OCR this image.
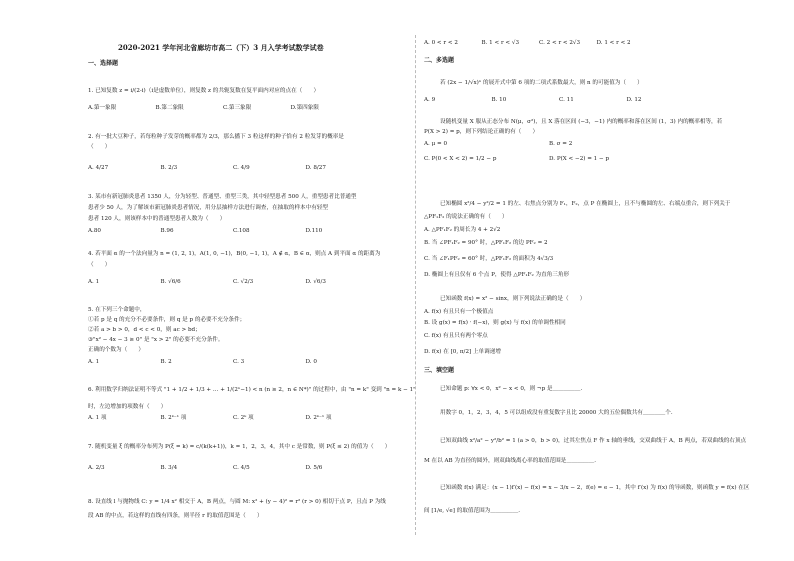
2020-2021 学年河北省廊坊市高二（下）3 月入学考试数学试卷
一、选择题
1. 已知复数 z = i/(2-i)（i是虚数单位），则复数 z 的共轭复数在复平面内对应的点在（　　）
A.第一象限	B.第二象限	C.第三象限	D.第四象限
2. 有一批大豆种子，若每粒种子发芽的概率都为 2/3，那么播下 3 粒这样的种子恰有 2 粒发芽的概率是
（　　）
A. 4/27	B. 2/3	C. 4/9	D. 8/27
3. 某市有新冠肺炎患者 1350 人，分为轻型、普通型、重型三类，其中轻型患者 500 人，重型患者比普通型
患者少 50 人，为了解该市新冠肺炎患者情况，用分层抽样方法进行调查，在抽取的样本中有轻型
患者 120 人，则该样本中的普通型患者人数为（　　）
A.80	B.96	C.108	D.110
4. 若平面 α 的一个法向量为 n = (1, 2, 1)，A(1, 0, −1)，B(0, −1, 1)，A ∉ α，B ∈ α，则点 A 到平面 α 的距离为
（　　）
A. 1	B. √6/6	C. √2/3	D. √6/3
5. 在下列三个命题中，
①若 p 是 q 的充分不必要条件，则 q 是 p 的必要不充分条件；
②若 a > b > 0，d < c < 0，则 ac > bd；
③"x² − 4x − 3 ≥ 0" 是 "x > 2" 的必要不充分条件。
正确的个数为（　　）
A. 1	B. 2	C. 3	D. 0
6. 利用数学归纳法证明不等式 "1 + 1/2 + 1/3 + … + 1/(2ⁿ−1) < n (n ≥ 2，n ∈ N*)" 的过程中，由 "n = k" 变到 "n = k − 1"
时，左边增加的项数有（　　）
A. 1 项	B. 2ᵏ⁻¹ 项	C. 2ᵏ 项	D. 2ᵏ⁻¹ 项
7. 随机变量 ξ 的概率分布列为 P(ξ = k) = c/(k(k+1))，k = 1，2，3，4，其中 c 是常数，则 P(ξ ≤ 2) 的值为（　　）
A. 2/3	B. 3/4	C. 4/5	D. 5/6
8. 设直线 l 与抛物线 C: y = 1/4 x² 相交于 A，B 两点，与圆 M: x² + (y − 4)² = r² (r > 0) 相切于点 P，且点 P 为线
段 AB 的中点，若这样的直线有四条，则半径 r 的取值范围是（　　）
A. 0 < r < 2	B. 1 < r < √3	C. 2 < r < 2√3	D. 1 < r < 2
二、多选题
若 (2x − 1/√x)ⁿ 的展开式中第 6 项的二项式系数最大，则 n 的可能值为（　　）
A. 9	B. 10	C. 11	D. 12
设随机变量 X 服从正态分布 N(μ，σ²)，且 X 落在区间 (−3，−1) 内的概率和落在区间 (1，3) 内的概率相等，若
P(X > 2) = p，则下列结论正确的有（　　）
A. μ = 0	B. σ = 2
C. P(0 < X < 2) = 1/2 − p	D. P(X < −2) = 1 − p
已知椭圆 x²/4 − y²/2 = 1 的左、右焦点分别为 F₁，F₂，点 P 在椭圆上，且不与椭圆的左、右端点重合，则下列关于
△PF₁F₂ 的说法正确的有（　　）
A. △PF₁F₂ 的周长为 4 + 2√2
B. 当 ∠PF₁F₂ = 90° 时，△PF₁F₂ 的边 PF₂ = 2
C. 当 ∠F₁PF₂ = 60° 时，△PF₁F₂ 的面积为 4√3/3
D. 椭圆上有且仅有 6 个点 P，使得 △PF₁F₂ 为直角三角形
已知函数 f(x) = x² − sinx，则下列说法正确的是（　　）
A. f(x) 有且只有一个极值点
B. 设 g(x) = f(x) · f(−x)，则 g(x) 与 f(x) 的单调性相同
C. f(x) 有且只有两个零点
D. f(x) 在 [0, π/2] 上单调递增
三、填空题
已知命题 p: ∀x < 0，x² − x < 0，则 ¬p 是＿＿＿＿＿.
用数字 0，1，2，3，4，5 可以组成没有重复数字且比 20000 大的五位偶数共有＿＿＿＿个.
已知双曲线 x²/a² − y²/b² = 1 (a > 0，b > 0)，过其左焦点 F 作 x 轴的垂线，交双曲线于 A，B 两点，若双曲线的右顶点
M 在以 AB 为直径的圆外，则双曲线离心率的取值范围是＿＿＿＿＿.
已知函数 f(x) 满足：(x − 1)f′(x) − f(x) = x − 3/x − 2，f(e) = e − 1，其中 f′(x) 为 f(x) 的导函数，则函数 y = f(x) 在区
间 [1/e, √e] 的取值范围为＿＿＿＿＿.
